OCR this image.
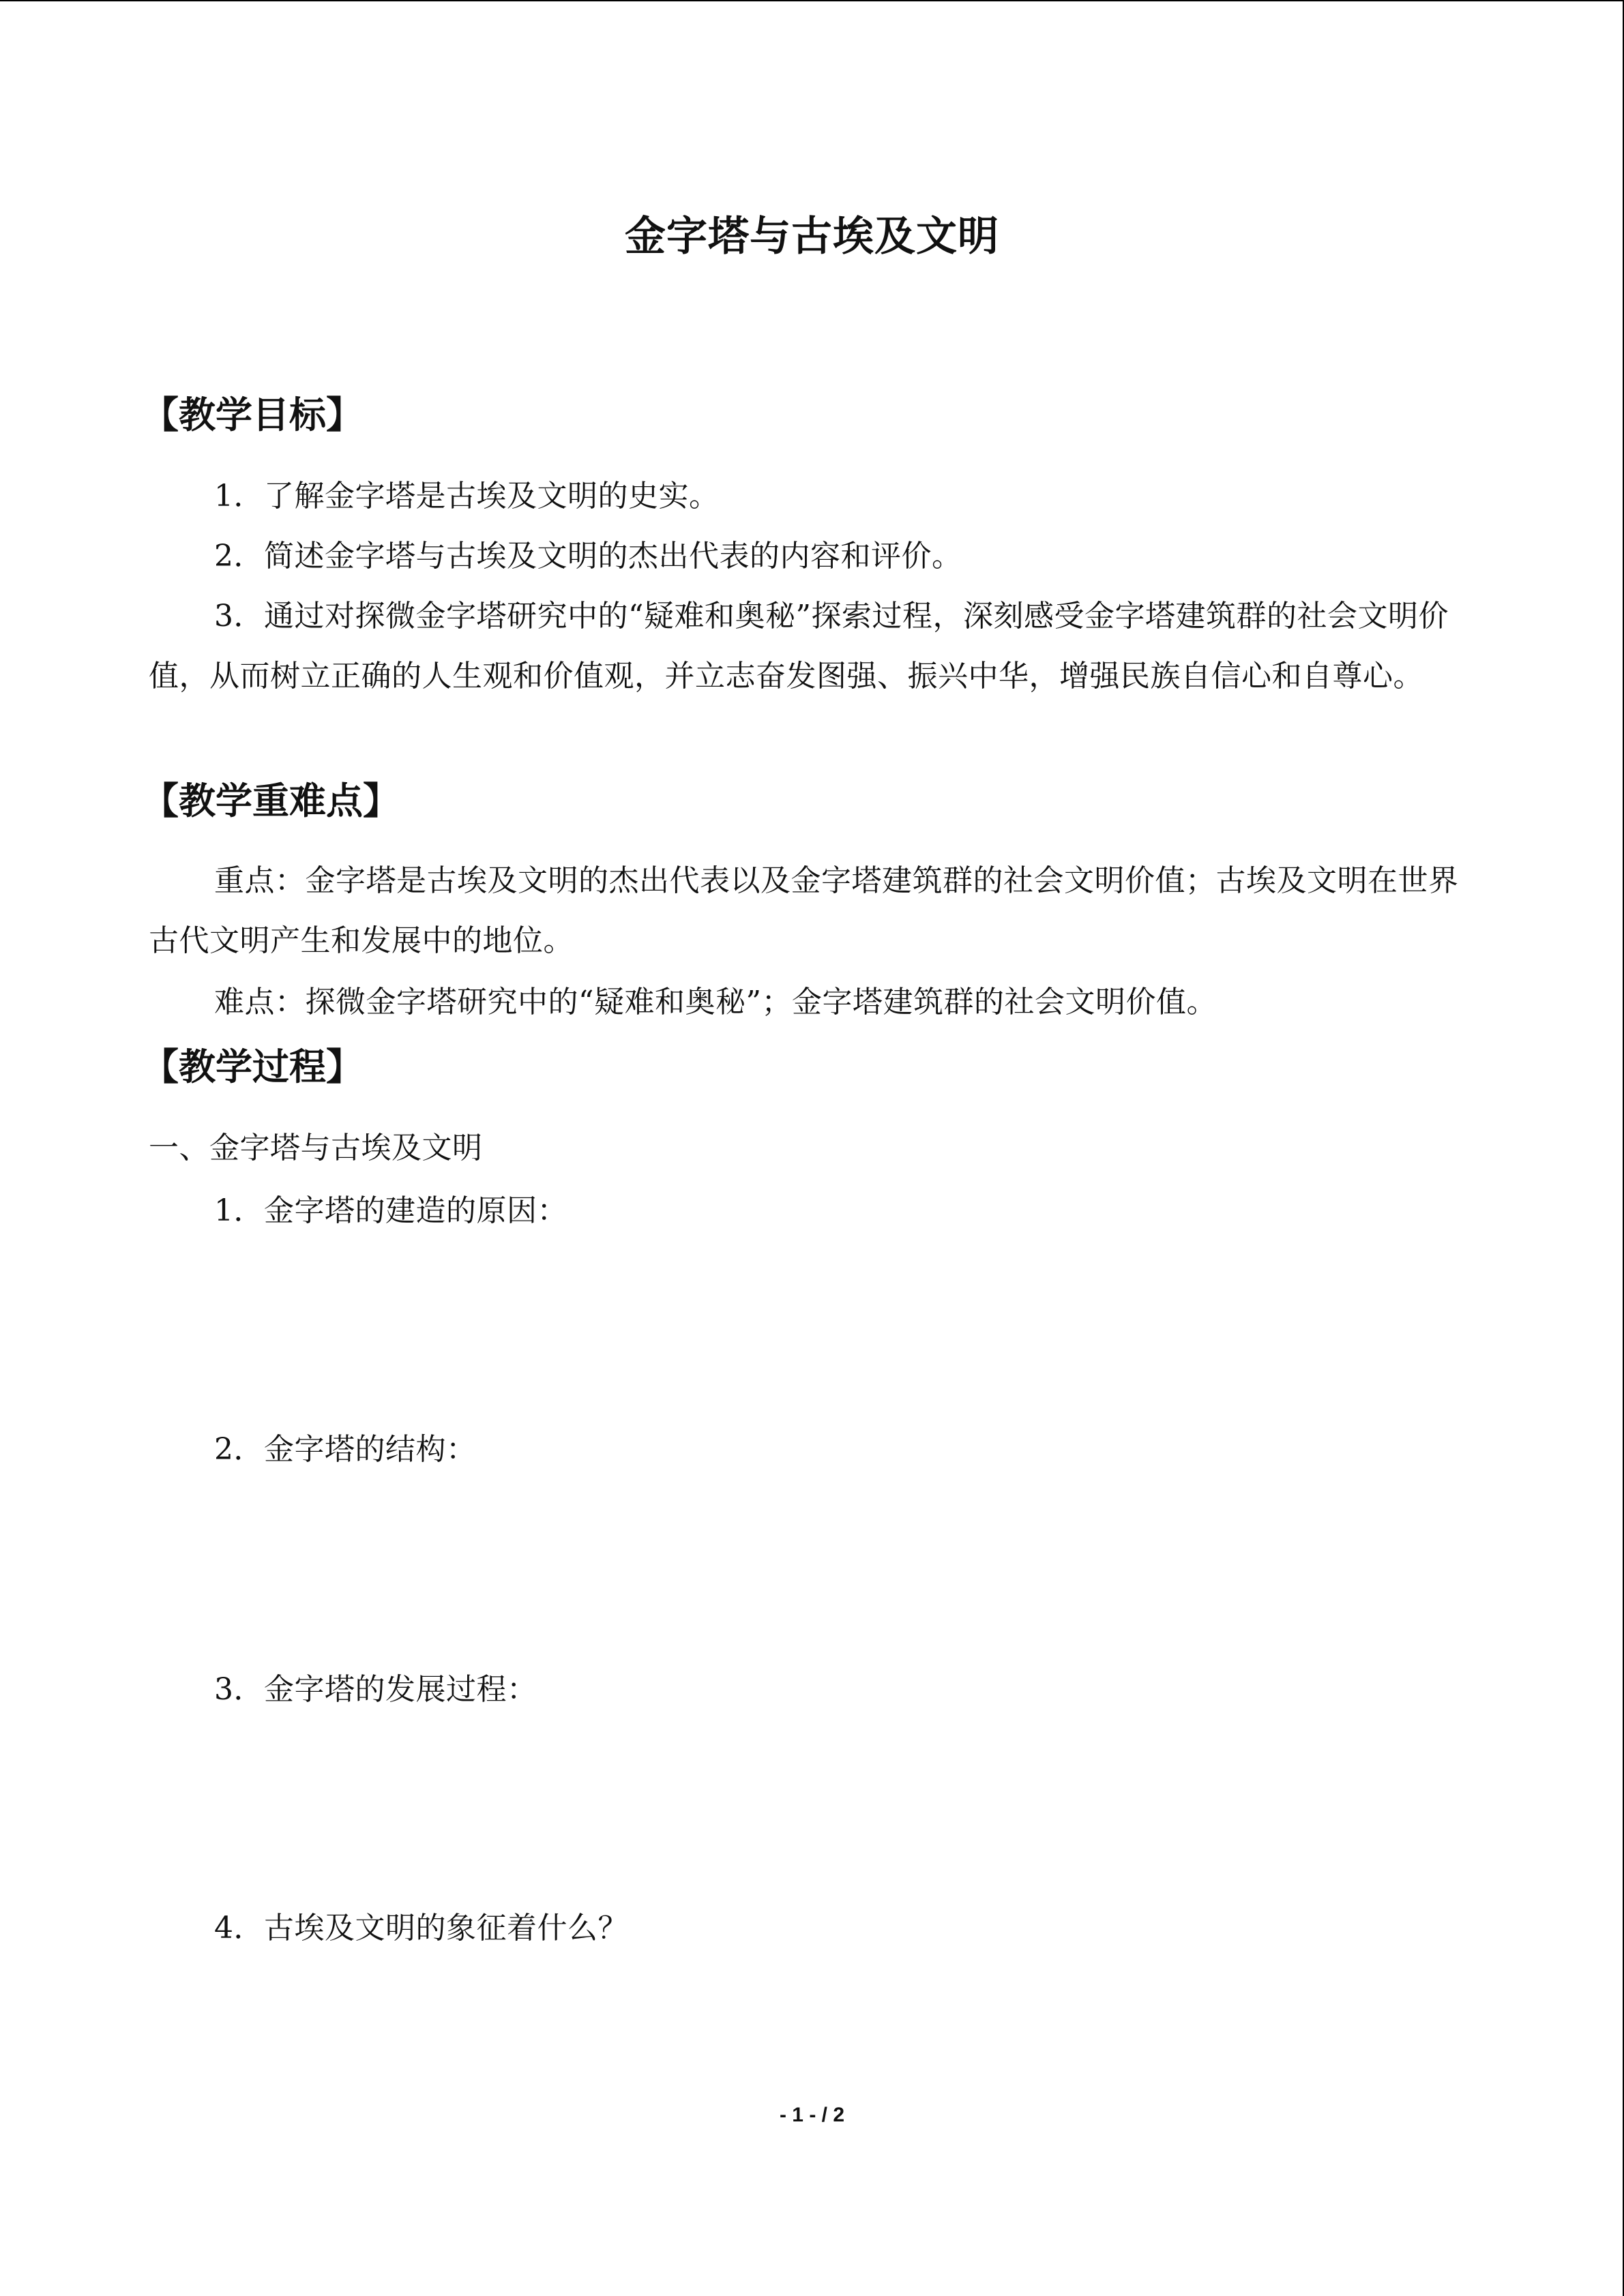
金字塔与古埃及文明
【教学目标】
1．了解金字塔是古埃及文明的史实。
2．简述金字塔与古埃及文明的杰出代表的内容和评价。
3．通过对探微金字塔研究中的“疑难和奥秘”探索过程，深刻感受金字塔建筑群的社会文明价值，从而树立正确的人生观和价值观，并立志奋发图强、振兴中华，增强民族自信心和自尊心。
【教学重难点】
重点：金字塔是古埃及文明的杰出代表以及金字塔建筑群的社会文明价值；古埃及文明在世界古代文明产生和发展中的地位。
难点：探微金字塔研究中的“疑难和奥秘”；金字塔建筑群的社会文明价值。
【教学过程】
一、金字塔与古埃及文明
1．金字塔的建造的原因：
2．金字塔的结构：
3．金字塔的发展过程：
4．古埃及文明的象征着什么？
- 1 - / 2
